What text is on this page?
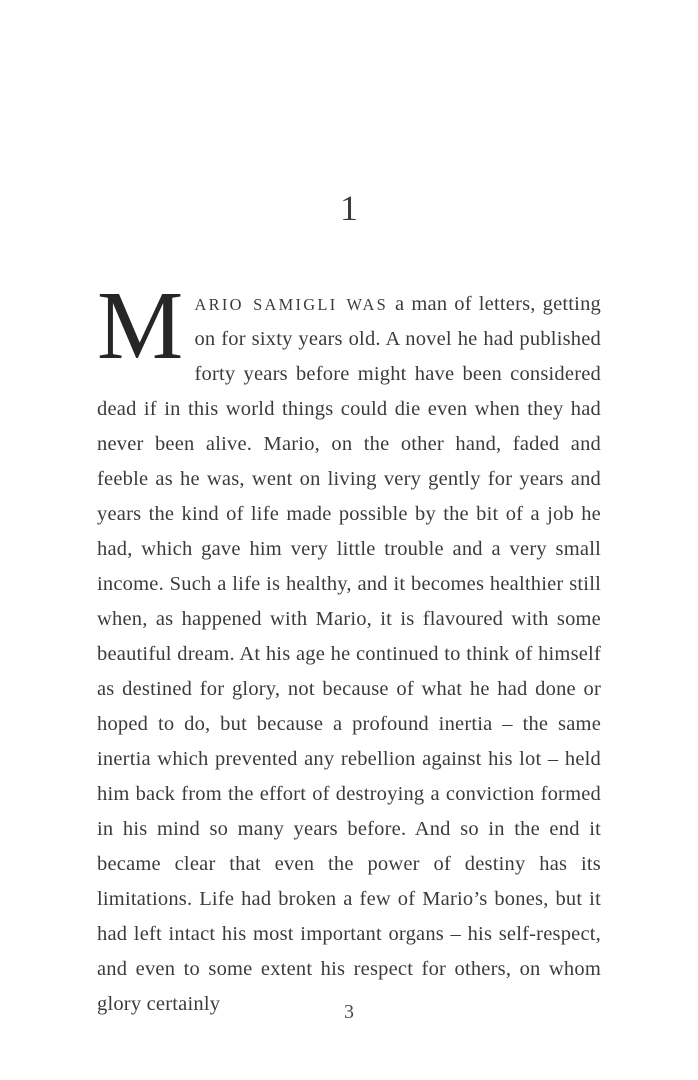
1

MARIO SAMIGLI WAS a man of letters, getting on for sixty years old. A novel he had published forty years before might have been considered dead if in this world things could die even when they had never been alive. Mario, on the other hand, faded and feeble as he was, went on living very gently for years and years the kind of life made possible by the bit of a job he had, which gave him very little trouble and a very small income. Such a life is healthy, and it becomes healthier still when, as happened with Mario, it is flavoured with some beautiful dream. At his age he continued to think of himself as destined for glory, not because of what he had done or hoped to do, but because a profound inertia – the same inertia which prevented any rebellion against his lot – held him back from the effort of destroying a conviction formed in his mind so many years before. And so in the end it became clear that even the power of destiny has its limitations. Life had broken a few of Mario’s bones, but it had left intact his most important organs – his self-respect, and even to some extent his respect for others, on whom glory certainly	3
